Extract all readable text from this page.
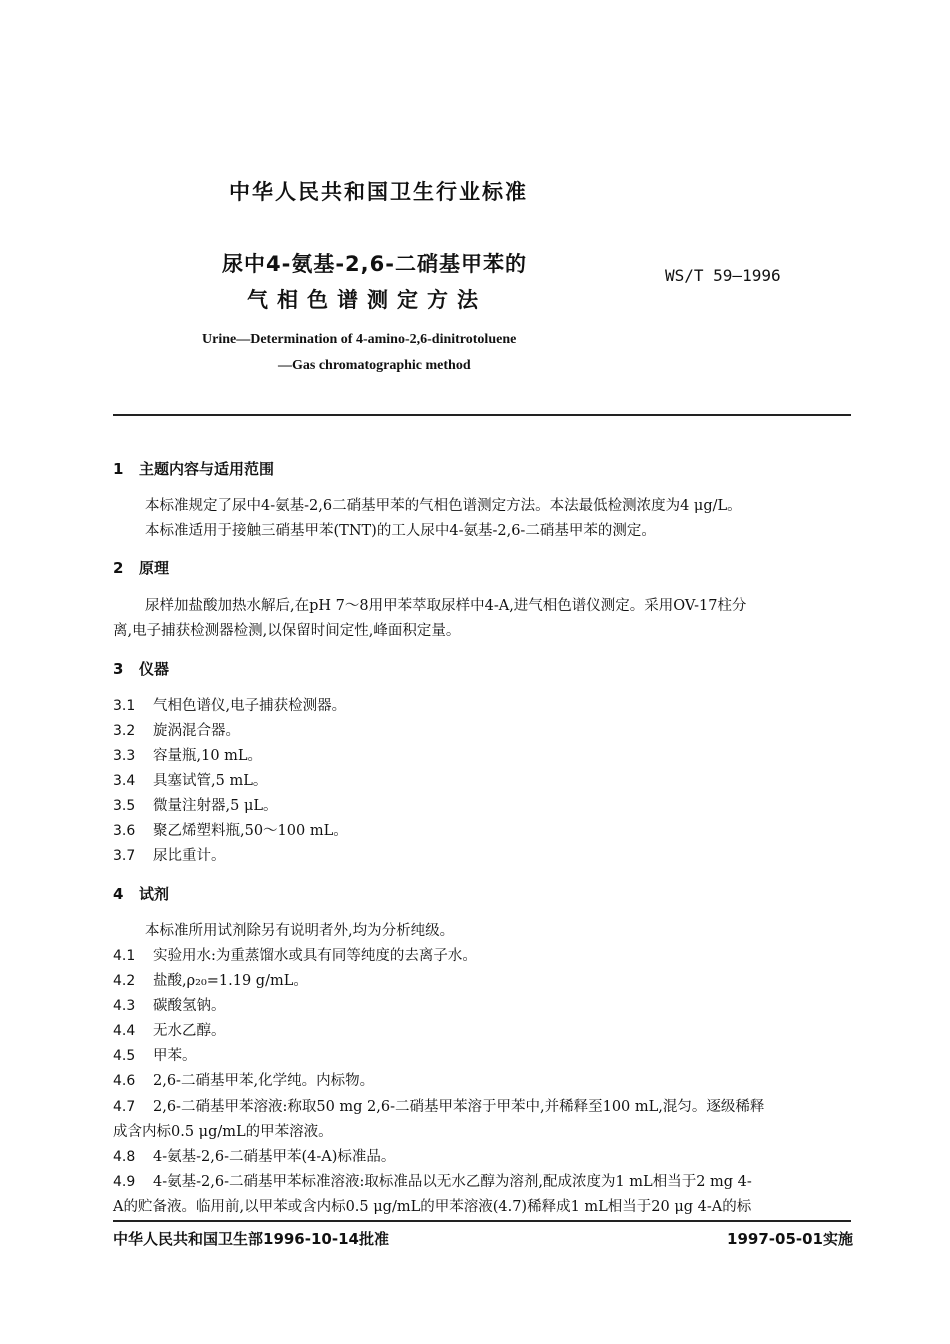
中华人民共和国卫生行业标准
尿中4-氨基-2,6-二硝基甲苯的
气相色谱测定方法
WS/T 59—1996
Urine—Determination of 4-amino-2,6-dinitrotoluene
—Gas chromatographic method
1 主题内容与适用范围
本标准规定了尿中4-氨基-2,6二硝基甲苯的气相色谱测定方法。本法最低检测浓度为4 μg/L。
本标准适用于接触三硝基甲苯(TNT)的工人尿中4-氨基-2,6-二硝基甲苯的测定。
2 原理
尿样加盐酸加热水解后,在pH 7～8用甲苯萃取尿样中4-A,进气相色谱仪测定。采用OV-17柱分
离,电子捕获检测器检测,以保留时间定性,峰面积定量。
3 仪器
3.1 气相色谱仪,电子捕获检测器。
3.2 旋涡混合器。
3.3 容量瓶,10 mL。
3.4 具塞试管,5 mL。
3.5 微量注射器,5 μL。
3.6 聚乙烯塑料瓶,50～100 mL。
3.7 尿比重计。
4 试剂
本标准所用试剂除另有说明者外,均为分析纯级。
4.1 实验用水:为重蒸馏水或具有同等纯度的去离子水。
4.2 盐酸,ρ₂₀=1.19 g/mL。
4.3 碳酸氢钠。
4.4 无水乙醇。
4.5 甲苯。
4.6 2,6-二硝基甲苯,化学纯。内标物。
4.7 2,6-二硝基甲苯溶液:称取50 mg 2,6-二硝基甲苯溶于甲苯中,并稀释至100 mL,混匀。逐级稀释
成含内标0.5 μg/mL的甲苯溶液。
4.8 4-氨基-2,6-二硝基甲苯(4-A)标准品。
4.9 4-氨基-2,6-二硝基甲苯标准溶液:取标准品以无水乙醇为溶剂,配成浓度为1 mL相当于2 mg 4-
A的贮备液。临用前,以甲苯或含内标0.5 μg/mL的甲苯溶液(4.7)稀释成1 mL相当于20 μg 4-A的标
中华人民共和国卫生部1996-10-14批准	1997-05-01实施
